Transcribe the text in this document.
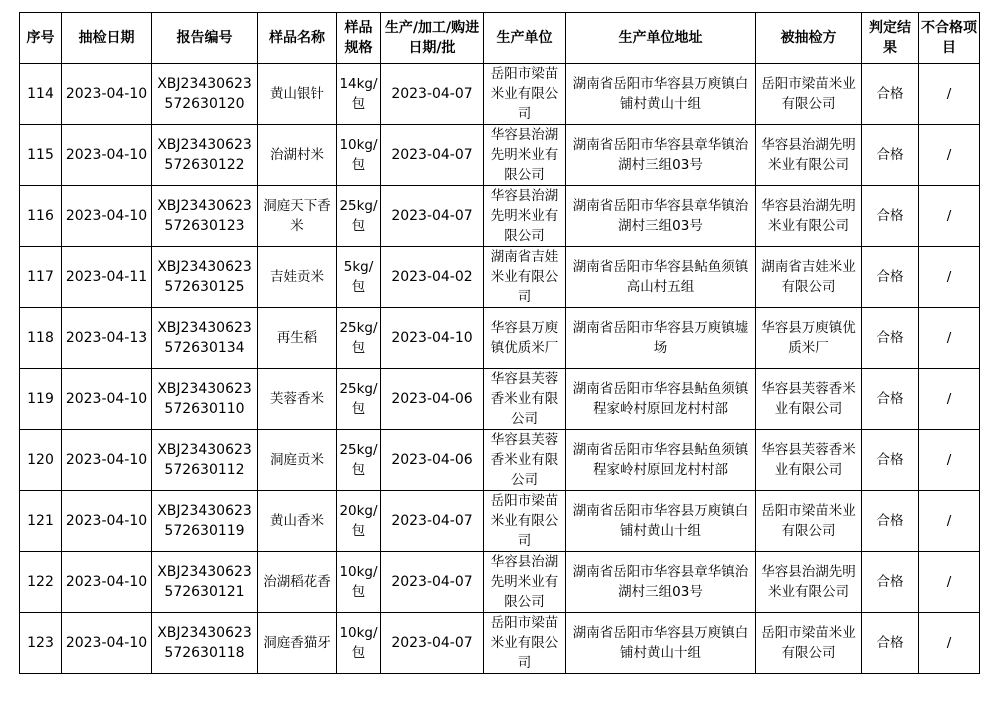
序号	抽检日期	报告编号	样品名称	样品规格	生产/加工/购进日期/批	生产单位	生产单位地址	被抽检方	判定结果	不合格项目
114	2023-04-10	XBJ23430623572630120	黄山银针	14kg/包	2023-04-07	岳阳市梁苗米业有限公司	湖南省岳阳市华容县万庾镇白铺村黄山十组	岳阳市梁苗米业有限公司	合格	/
115	2023-04-10	XBJ23430623572630122	治湖村米	10kg/包	2023-04-07	华容县治湖先明米业有限公司	湖南省岳阳市华容县章华镇治湖村三组03号	华容县治湖先明米业有限公司	合格	/
116	2023-04-10	XBJ23430623572630123	洞庭天下香米	25kg/包	2023-04-07	华容县治湖先明米业有限公司	湖南省岳阳市华容县章华镇治湖村三组03号	华容县治湖先明米业有限公司	合格	/
117	2023-04-11	XBJ23430623572630125	吉娃贡米	5kg/包	2023-04-02	湖南省吉娃米业有限公司	湖南省岳阳市华容县鲇鱼须镇高山村五组	湖南省吉娃米业有限公司	合格	/
118	2023-04-13	XBJ23430623572630134	再生稻	25kg/包	2023-04-10	华容县万庾镇优质米厂	湖南省岳阳市华容县万庾镇墟场	华容县万庾镇优质米厂	合格	/
119	2023-04-10	XBJ23430623572630110	芙蓉香米	25kg/包	2023-04-06	华容县芙蓉香米业有限公司	湖南省岳阳市华容县鲇鱼须镇程家岭村原回龙村村部	华容县芙蓉香米业有限公司	合格	/
120	2023-04-10	XBJ23430623572630112	洞庭贡米	25kg/包	2023-04-06	华容县芙蓉香米业有限公司	湖南省岳阳市华容县鲇鱼须镇程家岭村原回龙村村部	华容县芙蓉香米业有限公司	合格	/
121	2023-04-10	XBJ23430623572630119	黄山香米	20kg/包	2023-04-07	岳阳市梁苗米业有限公司	湖南省岳阳市华容县万庾镇白铺村黄山十组	岳阳市梁苗米业有限公司	合格	/
122	2023-04-10	XBJ23430623572630121	治湖稻花香	10kg/包	2023-04-07	华容县治湖先明米业有限公司	湖南省岳阳市华容县章华镇治湖村三组03号	华容县治湖先明米业有限公司	合格	/
123	2023-04-10	XBJ23430623572630118	洞庭香猫牙	10kg/包	2023-04-07	岳阳市梁苗米业有限公司	湖南省岳阳市华容县万庾镇白铺村黄山十组	岳阳市梁苗米业有限公司	合格	/
